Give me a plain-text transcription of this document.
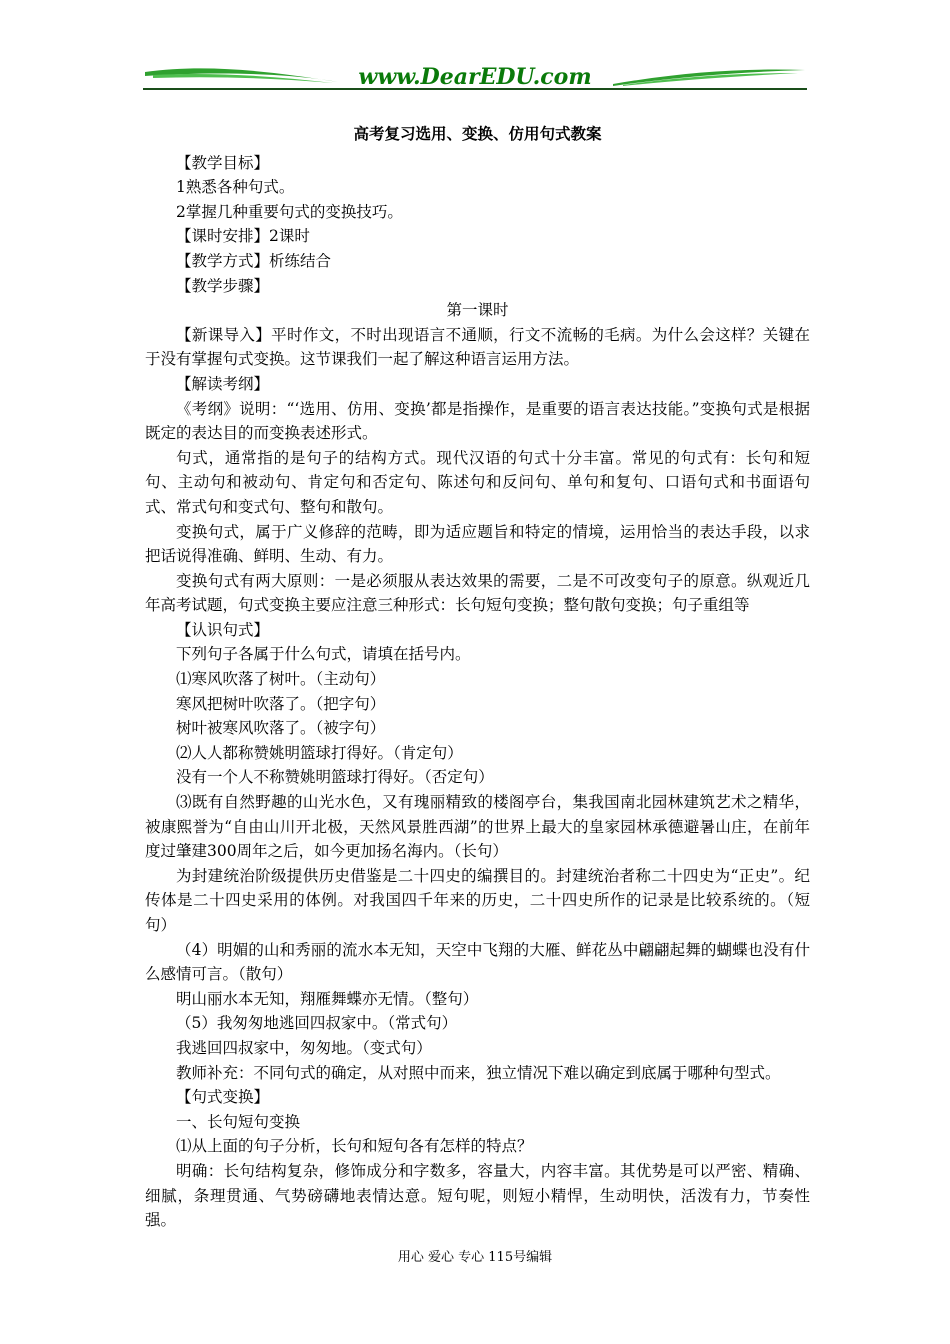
www.DearEDU.com
高考复习选用、变换、仿用句式教案

【教学目标】

1熟悉各种句式。

2掌握几种重要句式的变换技巧。

【课时安排】2课时

【教学方式】析练结合

【教学步骤】

第一课时

【新课导入】平时作文，不时出现语言不通顺，行文不流畅的毛病。为什么会这样？关键在于没有掌握句式变换。这节课我们一起了解这种语言运用方法。

【解读考纲】

《考纲》说明：“‘选用、仿用、变换’都是指操作，是重要的语言表达技能。”变换句式是根据既定的表达目的而变换表述形式。

句式，通常指的是句子的结构方式。现代汉语的句式十分丰富。常见的句式有：长句和短句、主动句和被动句、肯定句和否定句、陈述句和反问句、单句和复句、口语句式和书面语句式、常式句和变式句、整句和散句。

变换句式，属于广义修辞的范畴，即为适应题旨和特定的情境，运用恰当的表达手段，以求把话说得准确、鲜明、生动、有力。

变换句式有两大原则：一是必须服从表达效果的需要，二是不可改变句子的原意。纵观近几年高考试题，句式变换主要应注意三种形式：长句短句变换；整句散句变换；句子重组等

【认识句式】

下列句子各属于什么句式，请填在括号内。

⑴寒风吹落了树叶。（主动句）

寒风把树叶吹落了。（把字句）

树叶被寒风吹落了。（被字句）

⑵人人都称赞姚明篮球打得好。（肯定句）

没有一个人不称赞姚明篮球打得好。（否定句）

⑶既有自然野趣的山光水色，又有瑰丽精致的楼阁亭台，集我国南北园林建筑艺术之精华，被康熙誉为“自由山川开北极，天然风景胜西湖”的世界上最大的皇家园林承德避暑山庄，在前年度过肇建300周年之后，如今更加扬名海内。（长句）

为封建统治阶级提供历史借鉴是二十四史的编撰目的。封建统治者称二十四史为“正史”。纪传体是二十四史采用的体例。对我国四千年来的历史，二十四史所作的记录是比较系统的。（短句）

（4）明媚的山和秀丽的流水本无知，天空中飞翔的大雁、鲜花丛中翩翩起舞的蝴蝶也没有什么感情可言。（散句）

明山丽水本无知，翔雁舞蝶亦无情。（整句）

（5）我匆匆地逃回四叔家中。（常式句）

我逃回四叔家中，匆匆地。（变式句）

教师补充：不同句式的确定，从对照中而来，独立情况下难以确定到底属于哪种句型式。

【句式变换】

一、长句短句变换

⑴从上面的句子分析，长句和短句各有怎样的特点？

明确：长句结构复杂，修饰成分和字数多，容量大，内容丰富。其优势是可以严密、精确、细腻，条理贯通、气势磅礴地表情达意。短句呢，则短小精悍，生动明快，活泼有力，节奏性强。

用心 爱心 专心 115号编辑
